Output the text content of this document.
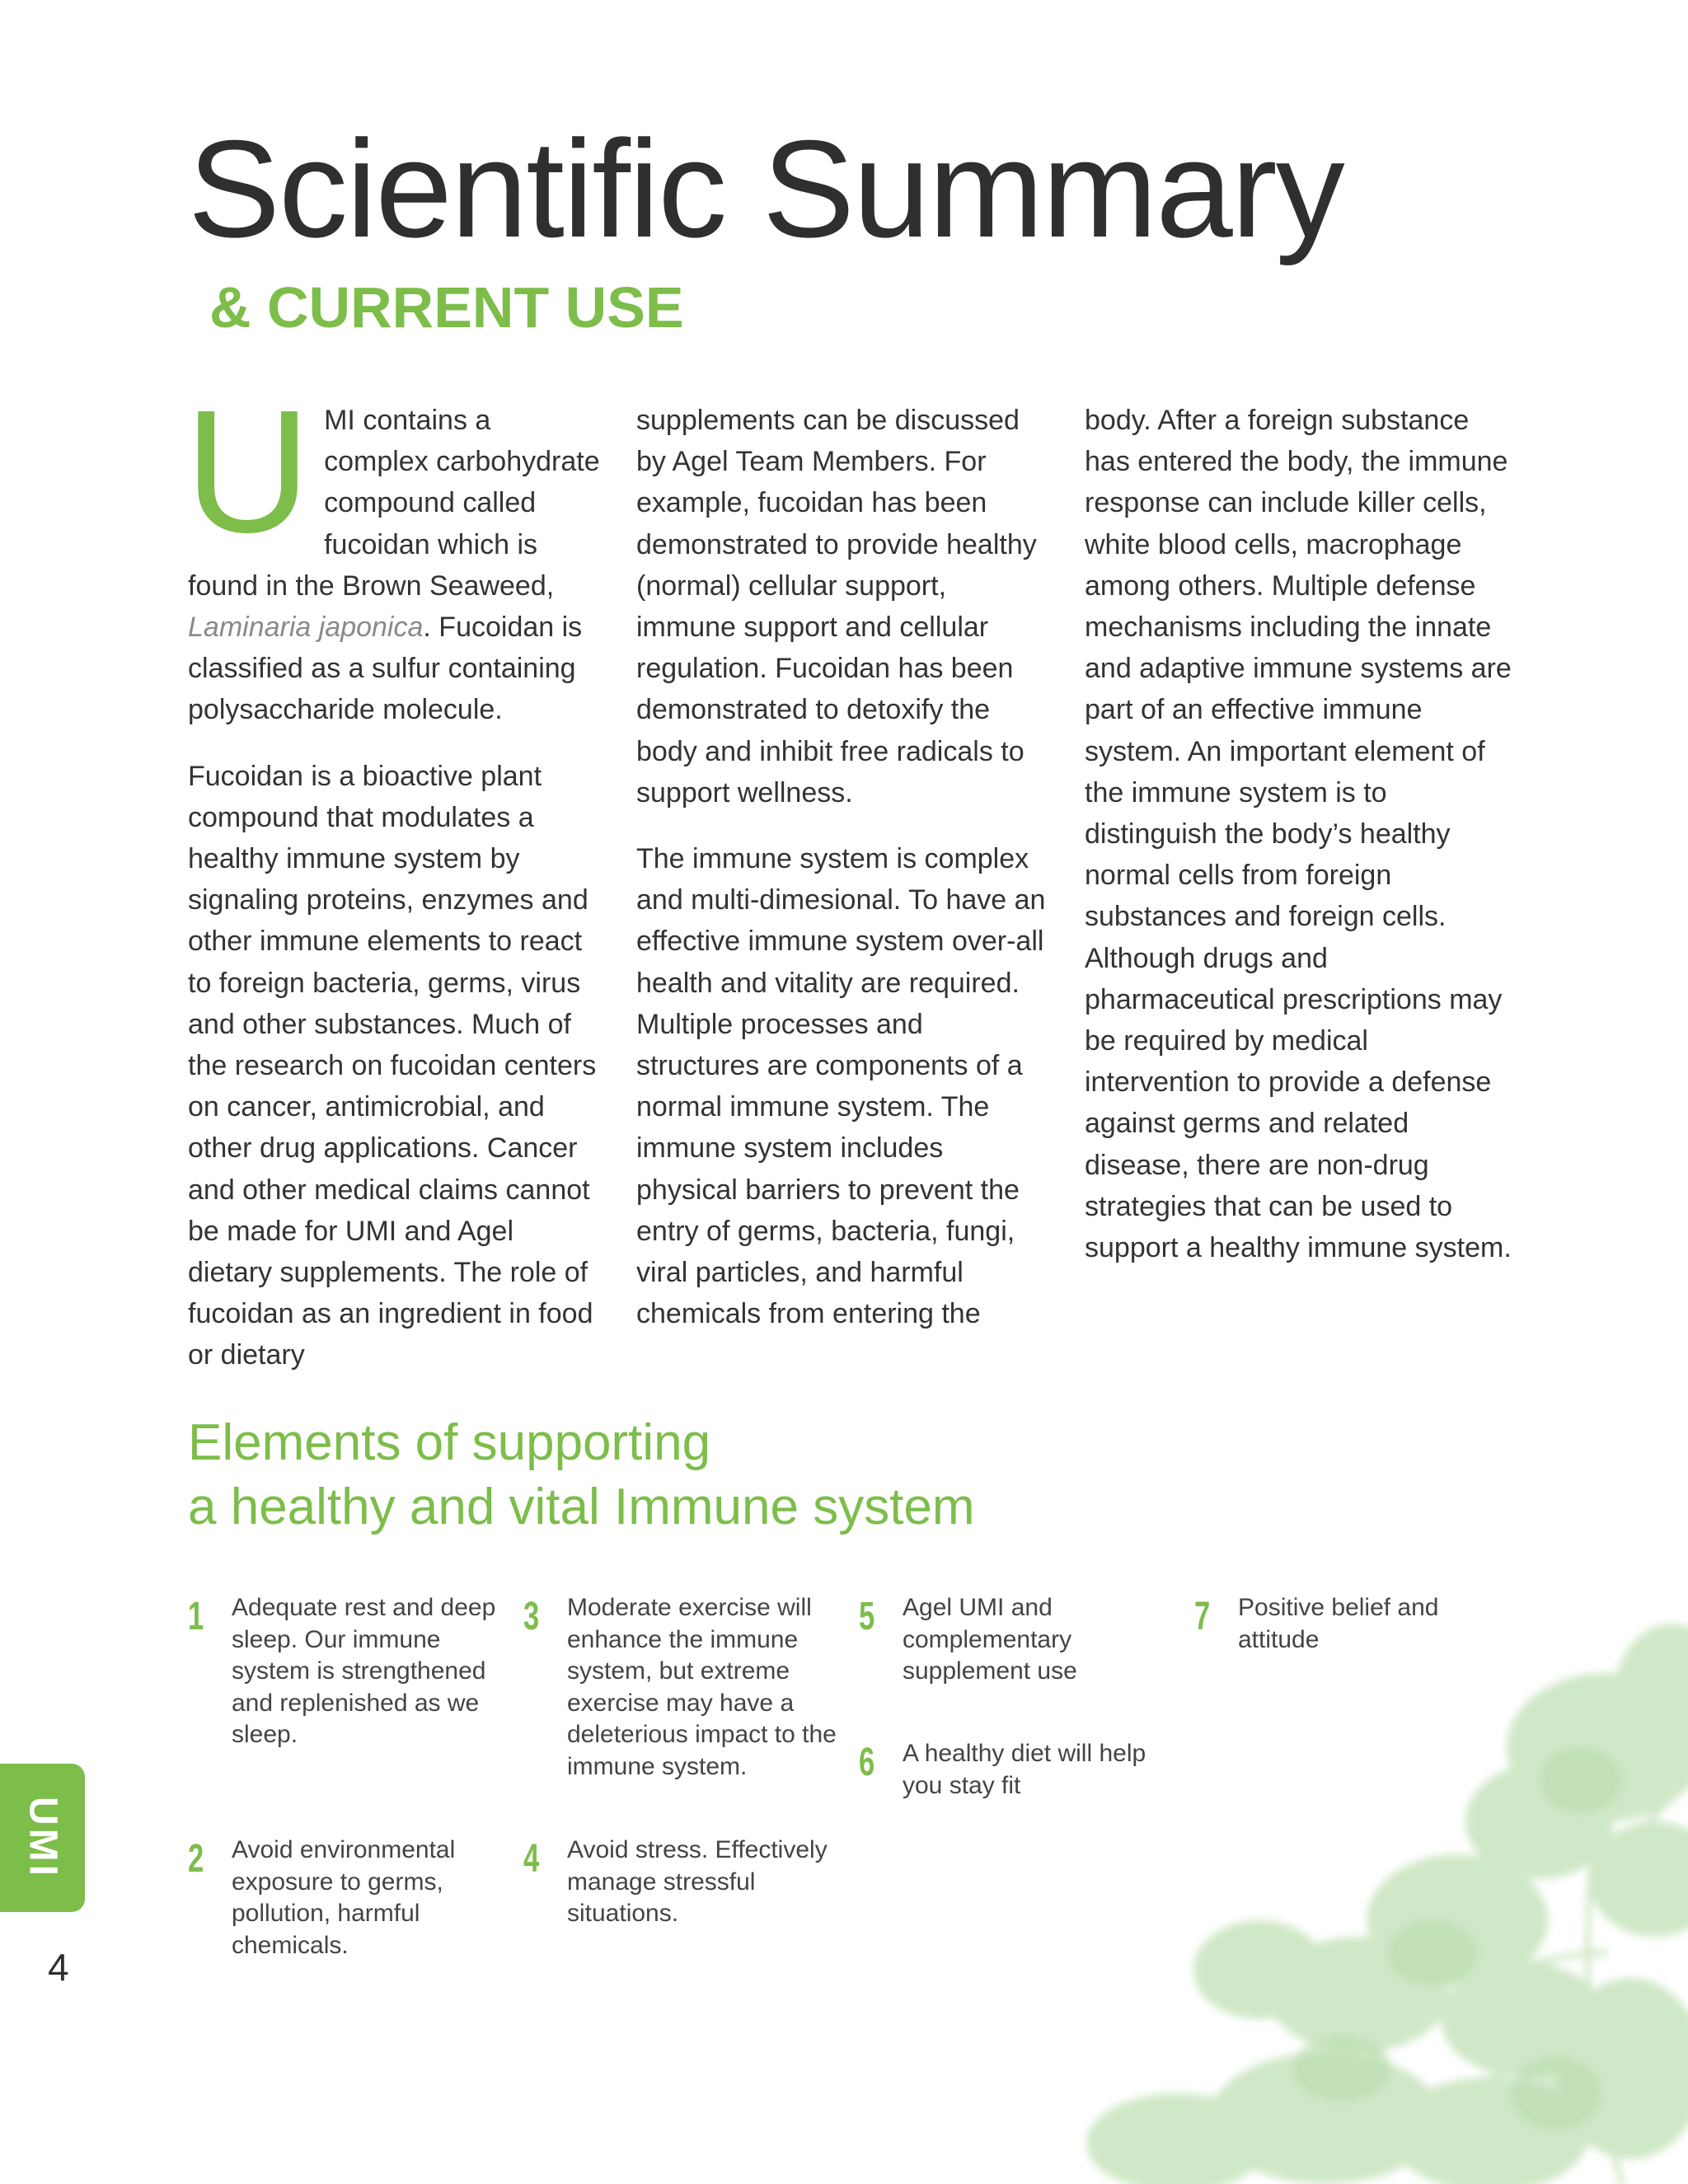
Scientific Summary
& CURRENT USE

UMI contains a complex carbohydrate compound called fucoidan which is found in the Brown Seaweed, Laminaria japonica. Fucoidan is classified as a sulfur containing polysaccharide molecule.

Fucoidan is a bioactive plant compound that modulates a healthy immune system by signaling proteins, enzymes and other immune elements to react to foreign bacteria, germs, virus and other substances. Much of the research on fucoidan centers on cancer, antimicrobial, and other drug applications. Cancer and other medical claims cannot be made for UMI and Agel dietary supplements. The role of fucoidan as an ingredient in food or dietary

supplements can be discussed by Agel Team Members. For example, fucoidan has been demonstrated to provide healthy (normal) cellular support, immune support and cellular regulation. Fucoidan has been demonstrated to detoxify the body and inhibit free radicals to support wellness.

The immune system is complex and multi-dimesional. To have an effective immune system over-all health and vitality are required. Multiple processes and structures are components of a normal immune system. The immune system includes physical barriers to prevent the entry of germs, bacteria, fungi, viral particles, and harmful chemicals from entering the

body. After a foreign substance has entered the body, the immune response can include killer cells, white blood cells, macrophage among others. Multiple defense mechanisms including the innate and adaptive immune systems are part of an effective immune system. An important element of the immune system is to distinguish the body’s healthy normal cells from foreign substances and foreign cells. Although drugs and pharmaceutical prescriptions may be required by medical intervention to provide a defense against germs and related disease, there are non-drug strategies that can be used to support a healthy immune system.

Elements of supporting
a healthy and vital Immune system
1 Adequate rest and deep sleep. Our immune system is strengthened and replenished as we sleep.
2 Avoid environmental exposure to germs, pollution, harmful chemicals.
3 Moderate exercise will enhance the immune system, but extreme exercise may have a deleterious impact to the immune system.
4 Avoid stress. Effectively manage stressful situations.
5 Agel UMI and complementary supplement use
6 A healthy diet will help you stay fit
7 Positive belief and attitude
UMI
4
